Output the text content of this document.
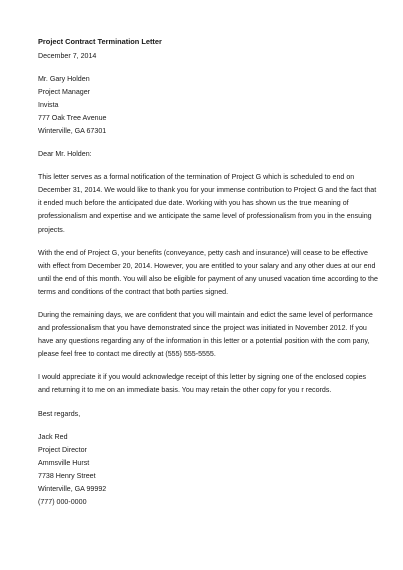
Project Contract Termination Letter
December 7, 2014
Mr. Gary Holden
Project Manager
Invista
777 Oak Tree Avenue
Winterville, GA 67301
Dear Mr. Holden:
This letter serves as a formal notification of the termination of Project G which is scheduled to end on
December 31, 2014. We would like to thank you for your immense contribution to Project G and the fact that
it ended much before the anticipated due date. Working with you has shown us the true meaning of
professionalism and expertise and we anticipate the same level of professionalism from you in the ensuing
projects.
With the end of Project G, your benefits (conveyance, petty cash and insurance) will cease to be effective
with effect from December 20, 2014. However, you are entitled to your salary and any other dues at our end
until the end of this month. You will also be eligible for payment of any unused vacation time according to the
terms and conditions of the contract that both parties signed.
During the remaining days, we are confident that you will maintain and edict the same level of performance
and professionalism that you have demonstrated since the project was initiated in November 2012. If you
have any questions regarding any of the information in this letter or a potential position with the com pany,
please feel free to contact me directly at (555) 555-5555.
I would appreciate it if you would acknowledge receipt of this letter by signing one of the enclosed copies
and returning it to me on an immediate basis. You may retain the other copy for you r records.
Best regards,
Jack Red
Project Director
Ammsville Hurst
7738 Henry Street
Winterville, GA 99992
(777) 000-0000
